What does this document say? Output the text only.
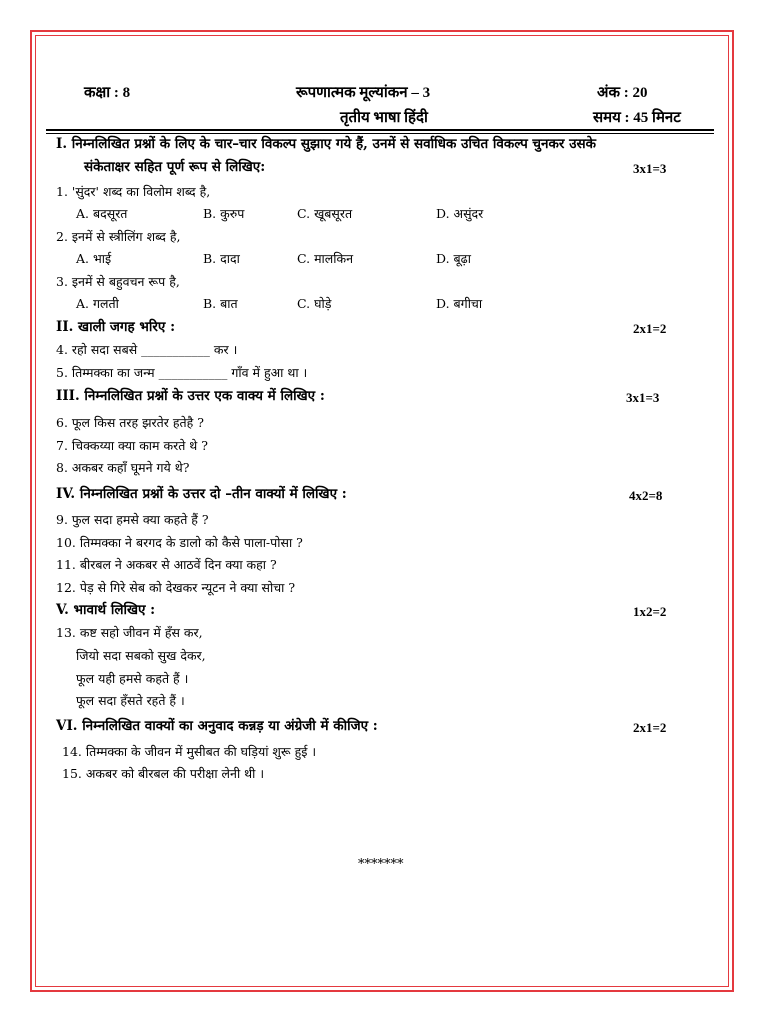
कक्षा : 8	रूपणात्मक मूल्यांकन – 3	अंक : 20
तृतीय भाषा हिंदी	समय : 45 मिनट
I. निम्नलिखित प्रश्नों के लिए के चार–चार विकल्प सुझाए गये हैं, उनमें से सर्वाधिक उचित विकल्प चुनकर उसके
संकेताक्षर सहित पूर्ण रूप से लिखिए:	3x1=3
1. 'सुंदर' शब्द का विलोम शब्द है,
A. बदसूरत	B. कुरुप	C. खूबसूरत	D. असुंदर
2. इनमें से स्त्रीलिंग शब्द है,
A. भाई	B. दादा	C. मालकिन	D. बूढ़ा
3. इनमें से बहुवचन रूप है,
A. गलती	B. बात	C. घोड़े	D. बगीचा
II. खाली जगह भरिए :	2x1=2
4. रहो सदा सबसे ___________ कर ।
5. तिम्मक्का का जन्म ___________ गाँव में हुआ था ।
III. निम्नलिखित प्रश्नों के उत्तर एक वाक्य में लिखिए :	3x1=3
6. फूल किस तरह झरतेर हतेहै ?
7. चिक्कय्या क्या काम करते थे ?
8. अकबर कहाँ घूमने गये थे?
IV. निम्नलिखित प्रश्नों के उत्तर दो –तीन वाक्यों में लिखिए :	4x2=8
9. फुल सदा हमसे क्या कहते हैं ?
10. तिम्मक्का ने बरगद के डालो को कैसे पाला-पोसा ?
11. बीरबल ने अकबर से आठवें दिन क्या कहा ?
12. पेड़ से गिरे सेब को देखकर न्यूटन ने क्या सोचा ?
V. भावार्थ लिखिए :	1x2=2
13. कष्ट सहो जीवन में हँस कर,
जियो सदा सबको सुख देकर,
फूल यही हमसे कहते हैं ।
फूल सदा हँसते रहते हैं ।
VI. निम्नलिखित वाक्यों का अनुवाद कन्नड़ या अंग्रेजी में कीजिए :	2x1=2
14. तिम्मक्का के जीवन में मुसीबत की घड़ियां शुरू हुई ।
15. अकबर को बीरबल की परीक्षा लेनी थी ।
*******
